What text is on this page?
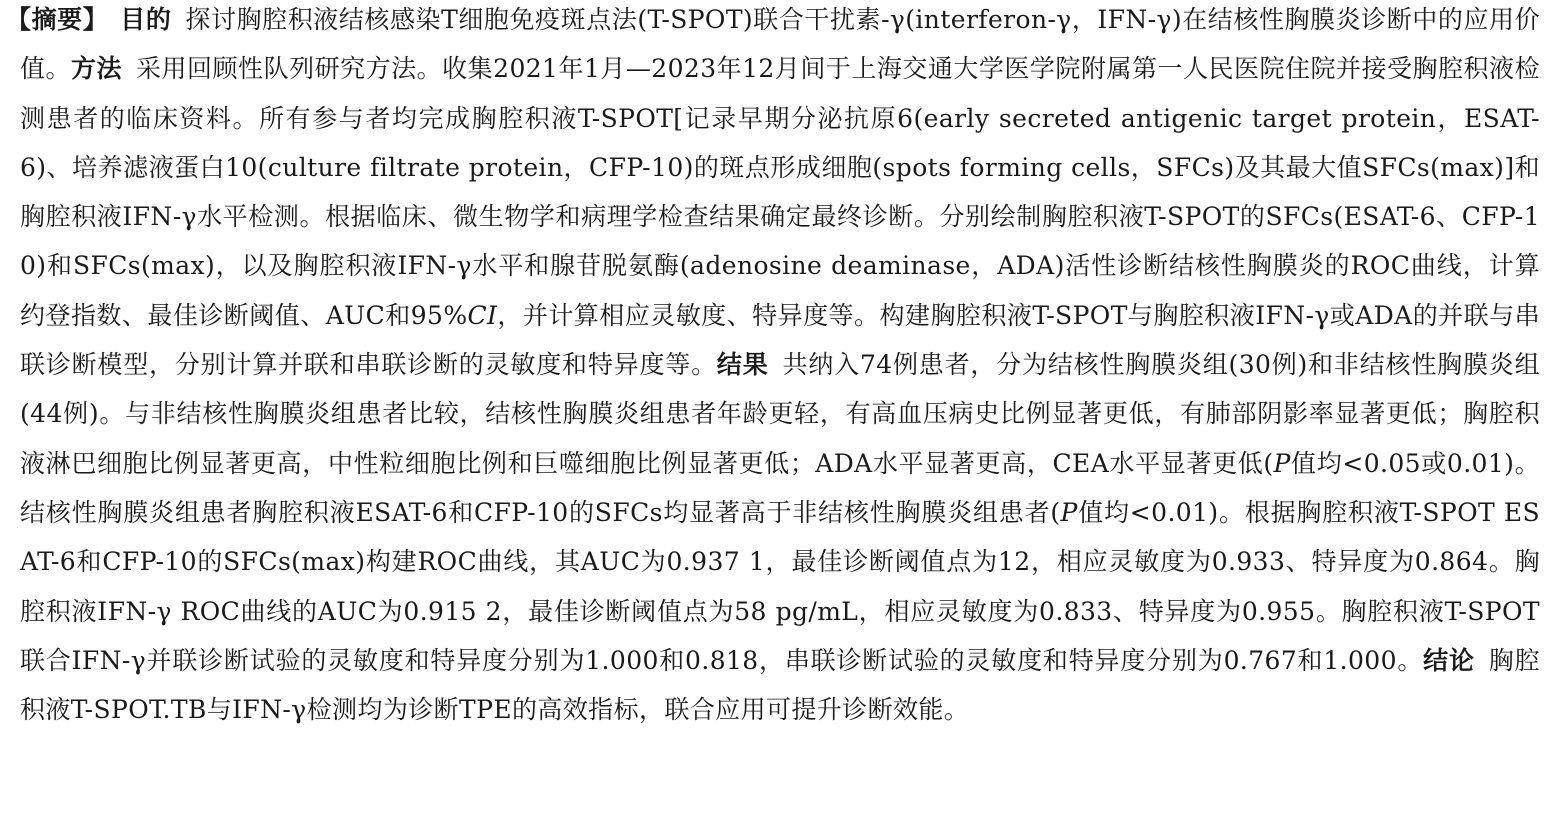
【摘要】 目的 探讨胸腔积液结核感染T细胞免疫斑点法(T-SPOT)联合干扰素-γ(interferon-γ，IFN-γ)在结核性胸膜炎诊断中的应用价值。方法 采用回顾性队列研究方法。收集2021年1月—2023年12月间于上海交通大学医学院附属第一人民医院住院并接受胸腔积液检测患者的临床资料。所有参与者均完成胸腔积液T-SPOT[记录早期分泌抗原6(early secreted antigenic target protein，ESAT-6)、培养滤液蛋白10(culture filtrate protein，CFP-10)的斑点形成细胞(spots forming cells，SFCs)及其最大值SFCs(max)]和胸腔积液IFN-γ水平检测。根据临床、微生物学和病理学检查结果确定最终诊断。分别绘制胸腔积液T-SPOT的SFCs(ESAT-6、CFP-10)和SFCs(max)，以及胸腔积液IFN-γ水平和腺苷脱氨酶(adenosine deaminase，ADA)活性诊断结核性胸膜炎的ROC曲线，计算约登指数、最佳诊断阈值、AUC和95%CI，并计算相应灵敏度、特异度等。构建胸腔积液T-SPOT与胸腔积液IFN-γ或ADA的并联与串联诊断模型，分别计算并联和串联诊断的灵敏度和特异度等。结果 共纳入74例患者，分为结核性胸膜炎组(30例)和非结核性胸膜炎组(44例)。与非结核性胸膜炎组患者比较，结核性胸膜炎组患者年龄更轻，有高血压病史比例显著更低，有肺部阴影率显著更低；胸腔积液淋巴细胞比例显著更高，中性粒细胞比例和巨噬细胞比例显著更低；ADA水平显著更高，CEA水平显著更低(P值均<0.05或0.01)。结核性胸膜炎组患者胸腔积液ESAT-6和CFP-10的SFCs均显著高于非结核性胸膜炎组患者(P值均<0.01)。根据胸腔积液T-SPOT ESAT-6和CFP-10的SFCs(max)构建ROC曲线，其AUC为0.937 1，最佳诊断阈值点为12，相应灵敏度为0.933、特异度为0.864。胸腔积液IFN-γ ROC曲线的AUC为0.915 2，最佳诊断阈值点为58 pg/mL，相应灵敏度为0.833、特异度为0.955。胸腔积液T-SPOT联合IFN-γ并联诊断试验的灵敏度和特异度分别为1.000和0.818，串联诊断试验的灵敏度和特异度分别为0.767和1.000。结论 胸腔积液T-SPOT.TB与IFN-γ检测均为诊断TPE的高效指标，联合应用可提升诊断效能。
